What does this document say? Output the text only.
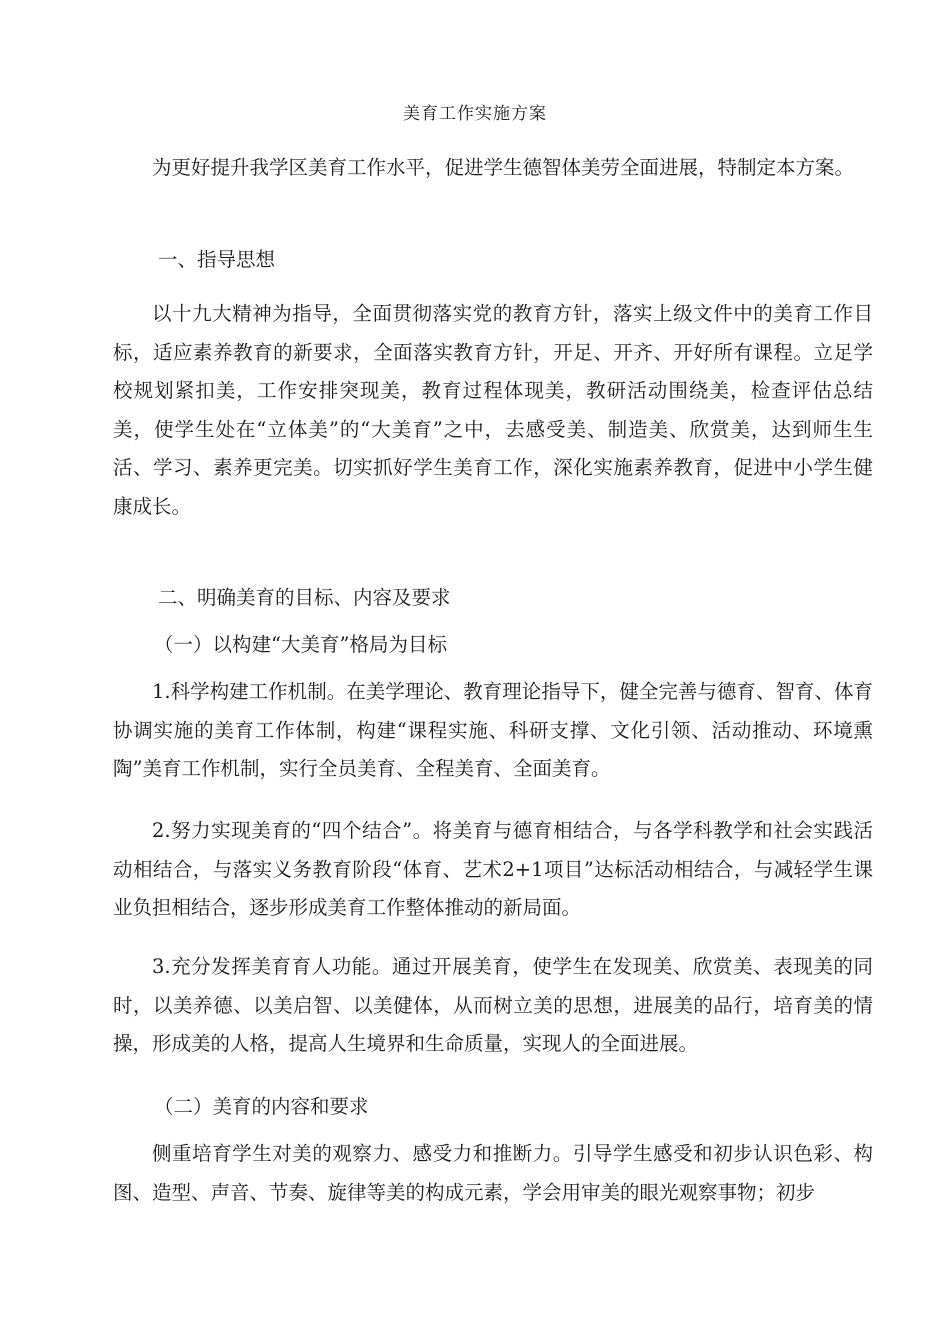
美育工作实施方案

为更好提升我学区美育工作水平，促进学生德智体美劳全面进展，特制定本方案。

一、指导思想

以十九大精神为指导，全面贯彻落实党的教育方针，落实上级文件中的美育工作目标，适应素养教育的新要求，全面落实教育方针，开足、开齐、开好所有课程。立足学校规划紧扣美，工作安排突现美，教育过程体现美，教研活动围绕美，检查评估总结美，使学生处在“立体美”的“大美育”之中，去感受美、制造美、欣赏美，达到师生生活、学习、素养更完美。切实抓好学生美育工作，深化实施素养教育，促进中小学生健康成长。

二、明确美育的目标、内容及要求

（一）以构建“大美育”格局为目标

1.科学构建工作机制。在美学理论、教育理论指导下，健全完善与德育、智育、体育协调实施的美育工作体制，构建“课程实施、科研支撑、文化引领、活动推动、环境熏陶”美育工作机制，实行全员美育、全程美育、全面美育。

2.努力实现美育的“四个结合”。将美育与德育相结合，与各学科教学和社会实践活动相结合，与落实义务教育阶段“体育、艺术2+1项目”达标活动相结合，与减轻学生课业负担相结合，逐步形成美育工作整体推动的新局面。

3.充分发挥美育育人功能。通过开展美育，使学生在发现美、欣赏美、表现美的同时，以美养德、以美启智、以美健体，从而树立美的思想，进展美的品行，培育美的情操，形成美的人格，提高人生境界和生命质量，实现人的全面进展。

（二）美育的内容和要求

侧重培育学生对美的观察力、感受力和推断力。引导学生感受和初步认识色彩、构图、造型、声音、节奏、旋律等美的构成元素，学会用审美的眼光观察事物；初步
